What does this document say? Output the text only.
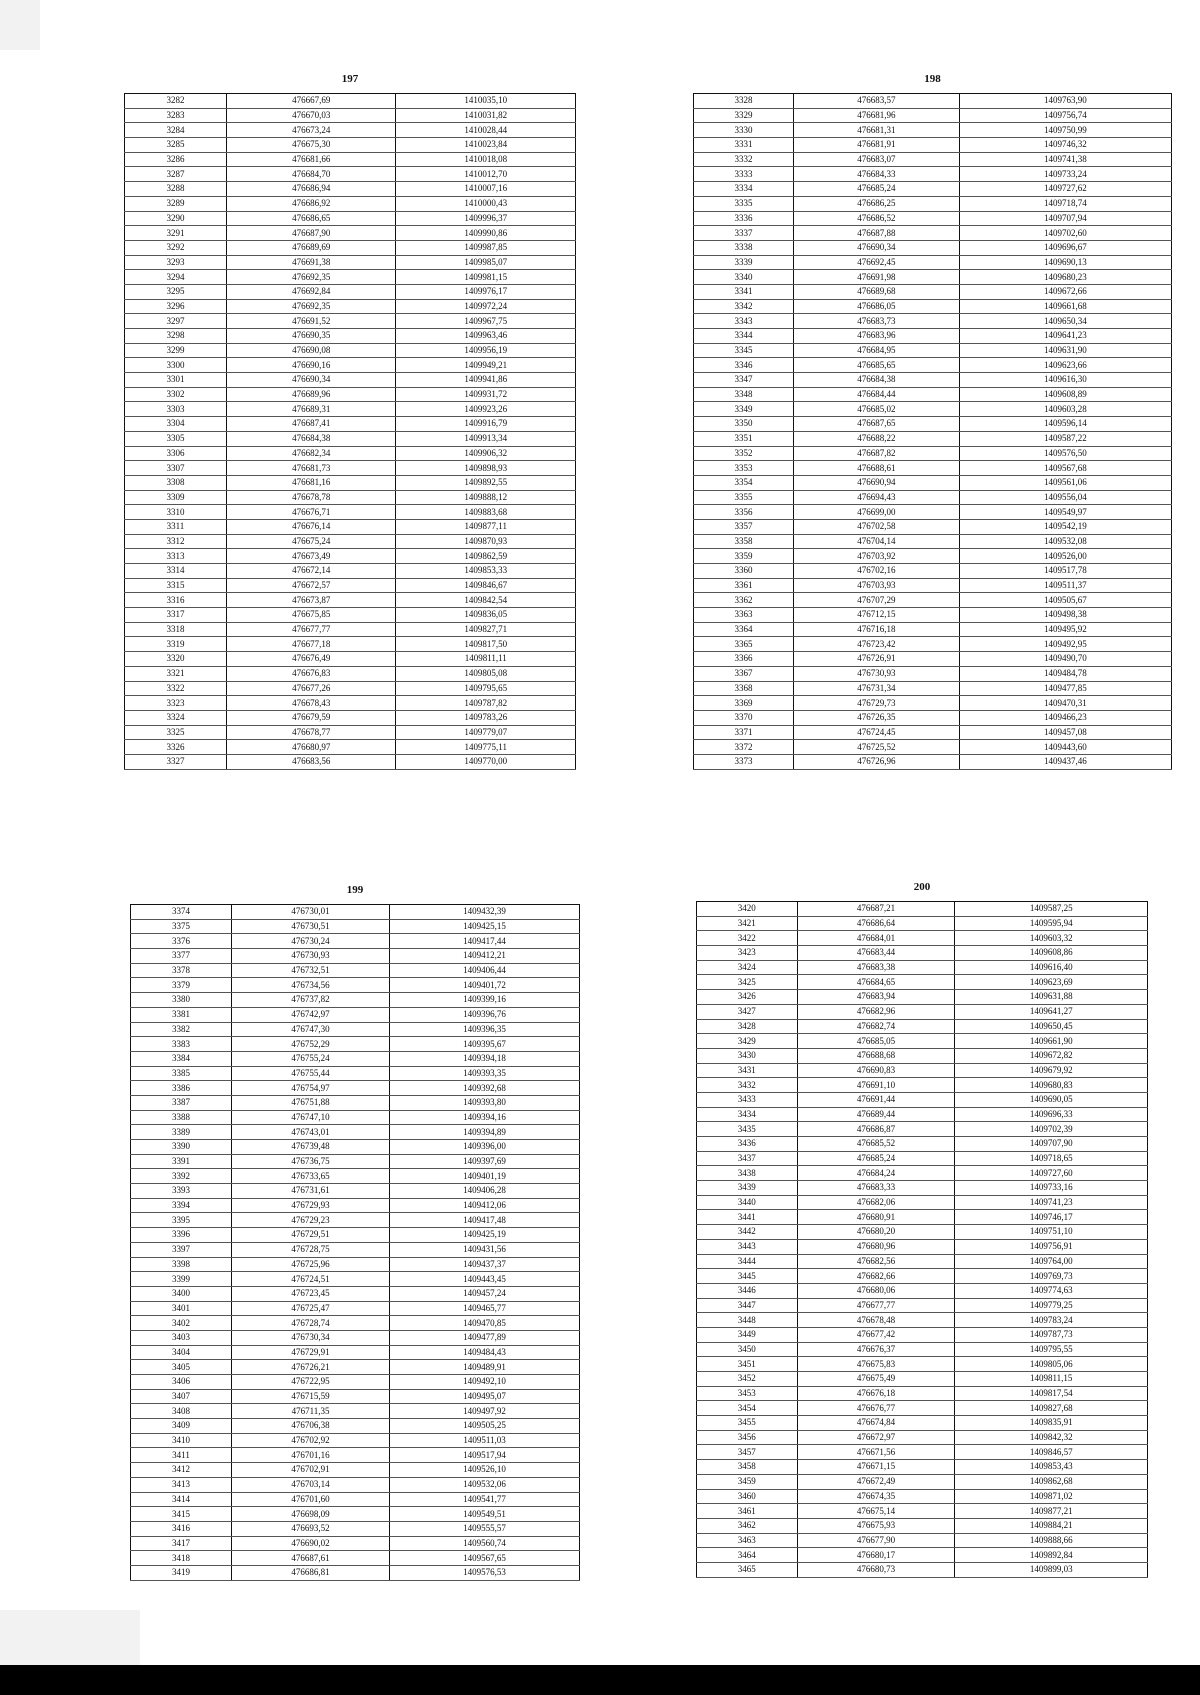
197
3282	476667,69	1410035,10
3283	476670,03	1410031,82
3284	476673,24	1410028,44
3285	476675,30	1410023,84
3286	476681,66	1410018,08
3287	476684,70	1410012,70
3288	476686,94	1410007,16
3289	476686,92	1410000,43
3290	476686,65	1409996,37
3291	476687,90	1409990,86
3292	476689,69	1409987,85
3293	476691,38	1409985,07
3294	476692,35	1409981,15
3295	476692,84	1409976,17
3296	476692,35	1409972,24
3297	476691,52	1409967,75
3298	476690,35	1409963,46
3299	476690,08	1409956,19
3300	476690,16	1409949,21
3301	476690,34	1409941,86
3302	476689,96	1409931,72
3303	476689,31	1409923,26
3304	476687,41	1409916,79
3305	476684,38	1409913,34
3306	476682,34	1409906,32
3307	476681,73	1409898,93
3308	476681,16	1409892,55
3309	476678,78	1409888,12
3310	476676,71	1409883,68
3311	476676,14	1409877,11
3312	476675,24	1409870,93
3313	476673,49	1409862,59
3314	476672,14	1409853,33
3315	476672,57	1409846,67
3316	476673,87	1409842,54
3317	476675,85	1409836,05
3318	476677,77	1409827,71
3319	476677,18	1409817,50
3320	476676,49	1409811,11
3321	476676,83	1409805,08
3322	476677,26	1409795,65
3323	476678,43	1409787,82
3324	476679,59	1409783,26
3325	476678,77	1409779,07
3326	476680,97	1409775,11
3327	476683,56	1409770,00
198
3328	476683,57	1409763,90
3329	476681,96	1409756,74
3330	476681,31	1409750,99
3331	476681,91	1409746,32
3332	476683,07	1409741,38
3333	476684,33	1409733,24
3334	476685,24	1409727,62
3335	476686,25	1409718,74
3336	476686,52	1409707,94
3337	476687,88	1409702,60
3338	476690,34	1409696,67
3339	476692,45	1409690,13
3340	476691,98	1409680,23
3341	476689,68	1409672,66
3342	476686,05	1409661,68
3343	476683,73	1409650,34
3344	476683,96	1409641,23
3345	476684,95	1409631,90
3346	476685,65	1409623,66
3347	476684,38	1409616,30
3348	476684,44	1409608,89
3349	476685,02	1409603,28
3350	476687,65	1409596,14
3351	476688,22	1409587,22
3352	476687,82	1409576,50
3353	476688,61	1409567,68
3354	476690,94	1409561,06
3355	476694,43	1409556,04
3356	476699,00	1409549,97
3357	476702,58	1409542,19
3358	476704,14	1409532,08
3359	476703,92	1409526,00
3360	476702,16	1409517,78
3361	476703,93	1409511,37
3362	476707,29	1409505,67
3363	476712,15	1409498,38
3364	476716,18	1409495,92
3365	476723,42	1409492,95
3366	476726,91	1409490,70
3367	476730,93	1409484,78
3368	476731,34	1409477,85
3369	476729,73	1409470,31
3370	476726,35	1409466,23
3371	476724,45	1409457,08
3372	476725,52	1409443,60
3373	476726,96	1409437,46
199
3374	476730,01	1409432,39
3375	476730,51	1409425,15
3376	476730,24	1409417,44
3377	476730,93	1409412,21
3378	476732,51	1409406,44
3379	476734,56	1409401,72
3380	476737,82	1409399,16
3381	476742,97	1409396,76
3382	476747,30	1409396,35
3383	476752,29	1409395,67
3384	476755,24	1409394,18
3385	476755,44	1409393,35
3386	476754,97	1409392,68
3387	476751,88	1409393,80
3388	476747,10	1409394,16
3389	476743,01	1409394,89
3390	476739,48	1409396,00
3391	476736,75	1409397,69
3392	476733,65	1409401,19
3393	476731,61	1409406,28
3394	476729,93	1409412,06
3395	476729,23	1409417,48
3396	476729,51	1409425,19
3397	476728,75	1409431,56
3398	476725,96	1409437,37
3399	476724,51	1409443,45
3400	476723,45	1409457,24
3401	476725,47	1409465,77
3402	476728,74	1409470,85
3403	476730,34	1409477,89
3404	476729,91	1409484,43
3405	476726,21	1409489,91
3406	476722,95	1409492,10
3407	476715,59	1409495,07
3408	476711,35	1409497,92
3409	476706,38	1409505,25
3410	476702,92	1409511,03
3411	476701,16	1409517,94
3412	476702,91	1409526,10
3413	476703,14	1409532,06
3414	476701,60	1409541,77
3415	476698,09	1409549,51
3416	476693,52	1409555,57
3417	476690,02	1409560,74
3418	476687,61	1409567,65
3419	476686,81	1409576,53
200
3420	476687,21	1409587,25
3421	476686,64	1409595,94
3422	476684,01	1409603,32
3423	476683,44	1409608,86
3424	476683,38	1409616,40
3425	476684,65	1409623,69
3426	476683,94	1409631,88
3427	476682,96	1409641,27
3428	476682,74	1409650,45
3429	476685,05	1409661,90
3430	476688,68	1409672,82
3431	476690,83	1409679,92
3432	476691,10	1409680,83
3433	476691,44	1409690,05
3434	476689,44	1409696,33
3435	476686,87	1409702,39
3436	476685,52	1409707,90
3437	476685,24	1409718,65
3438	476684,24	1409727,60
3439	476683,33	1409733,16
3440	476682,06	1409741,23
3441	476680,91	1409746,17
3442	476680,20	1409751,10
3443	476680,96	1409756,91
3444	476682,56	1409764,00
3445	476682,66	1409769,73
3446	476680,06	1409774,63
3447	476677,77	1409779,25
3448	476678,48	1409783,24
3449	476677,42	1409787,73
3450	476676,37	1409795,55
3451	476675,83	1409805,06
3452	476675,49	1409811,15
3453	476676,18	1409817,54
3454	476676,77	1409827,68
3455	476674,84	1409835,91
3456	476672,97	1409842,32
3457	476671,56	1409846,57
3458	476671,15	1409853,43
3459	476672,49	1409862,68
3460	476674,35	1409871,02
3461	476675,14	1409877,21
3462	476675,93	1409884,21
3463	476677,90	1409888,66
3464	476680,17	1409892,84
3465	476680,73	1409899,03
